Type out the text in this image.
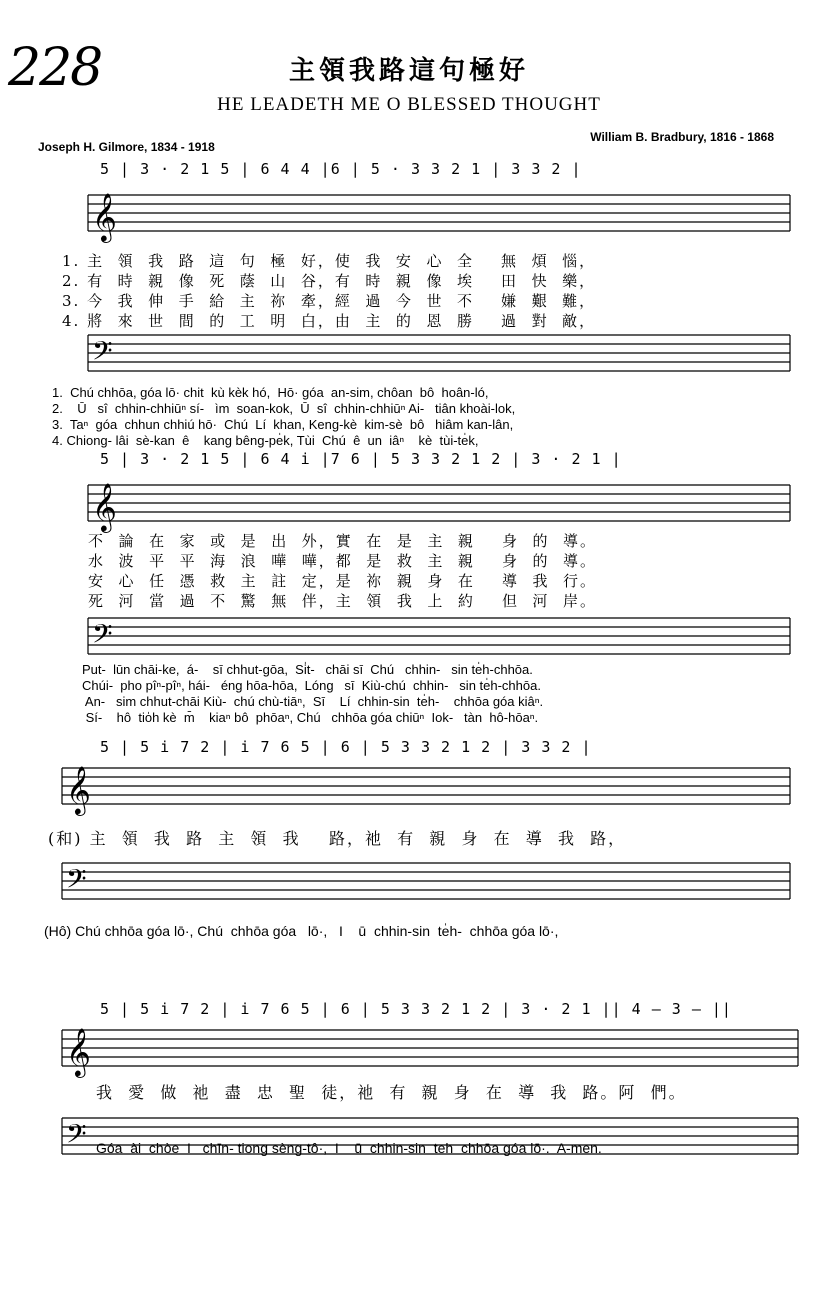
228	主領我路這句極好
HE LEADETH ME O BLESSED THOUGHT
William B. Bradbury, 1816 - 1868
Joseph H. Gilmore, 1834 - 1918
5 | 3 · 2 1 5 | 6 4 4 |6 | 5 · 3 3 2 1 | 3 3 2 |
𝄞
1. 主  領  我  路  這  句  極  好，使  我  安  心  全    無  煩  惱，
2. 有  時  親  像  死  蔭  山  谷，有  時  親  像  埃    田  快  樂，
3. 今  我  伸  手  給  主  祢  牽，經  過  今  世  不    嫌  艱  難，
4. 將  來  世  間  的  工  明  白，由  主  的  恩  勝    過  對  敵，
𝄢
1.  Chú chhōa, góa lō· chit  kù kèk hó,  Hō· góa  an-sim, chôan  bô  hoân-ló,
2.    Ū   sî  chhin-chhiūⁿ sí-   ìm  soan-kok,  Ū  sî  chhin-chhiūⁿ Ai-   tiân khoài-lok,
3.  Taⁿ  góa  chhun chhiú hō·  Chú  Lí  khan, Keng-kè  kim-sè  bô   hiâm kan-lân,
4. Chiong- lâi  sè-kan  ê    kang bêng-pe̍k, Tùi  Chú  ê  un  iâⁿ    kè  tùi-te̍k,
5 | 3 · 2 1 5 | 6 4 i |7 6 | 5 3 3 2 1 2 | 3 · 2 1 |
𝄞
不  論  在  家  或  是  出  外，實  在  是  主  親    身  的  導。
水  波  平  平  海  浪  嘩  嘩，都  是  救  主  親    身  的  導。
安  心  任  憑  救  主  註  定，是  祢  親  身  在    導  我  行。
死  河  當  過  不  驚  無  伴，主  領  我  上  約    但  河  岸。
𝄢
Put-  lūn chāi-ke,  á-    sī chhut-gōa,  Si̍t-   chāi sī  Chú   chhin-   sin te̍h-chhōa.
Chúi-  pho pîⁿ-pîⁿ, hái-   éng hōa-hōa,  Lóng   sī  Kiù-chú  chhin-   sin te̍h-chhōa.
An-   sim chhut-chāi Kiù-  chú chù-tiāⁿ,  Sī    Lí  chhin-sin  te̍h-    chhōa góa kiâⁿ.
Sí-    hô  tio̍h kè  m̄    kiaⁿ bô  phōaⁿ, Chú   chhōa góa chiūⁿ  Iok-   tàn  hô-hōaⁿ.
5 | 5 i 7 2 | i 7 6 5 | 6 | 5 3 3 2 1 2 | 3 3 2 |
𝄞
(和) 主  領  我  路  主  領  我    路，祂  有  親  身  在  導  我  路，
𝄢
(Hô) Chú chhōa góa lō·, Chú  chhōa góa   lō·,   I    ū  chhin-sin  te̍h-  chhōa góa lō·,
5 | 5 i 7 2 | i 7 6 5 | 6 | 5 3 3 2 1 2 | 3 · 2 1 || 4 — 3 — ||
𝄞
我  愛  做  祂  盡  忠  聖  徒，祂  有  親  身  在  導  我  路。阿  們。
𝄢 Góa  ài  chòe  I   chīn- tiong sèng-tô·,  I    ū  chhin-sin  teh  chhōa góa lō·.  A-men.
